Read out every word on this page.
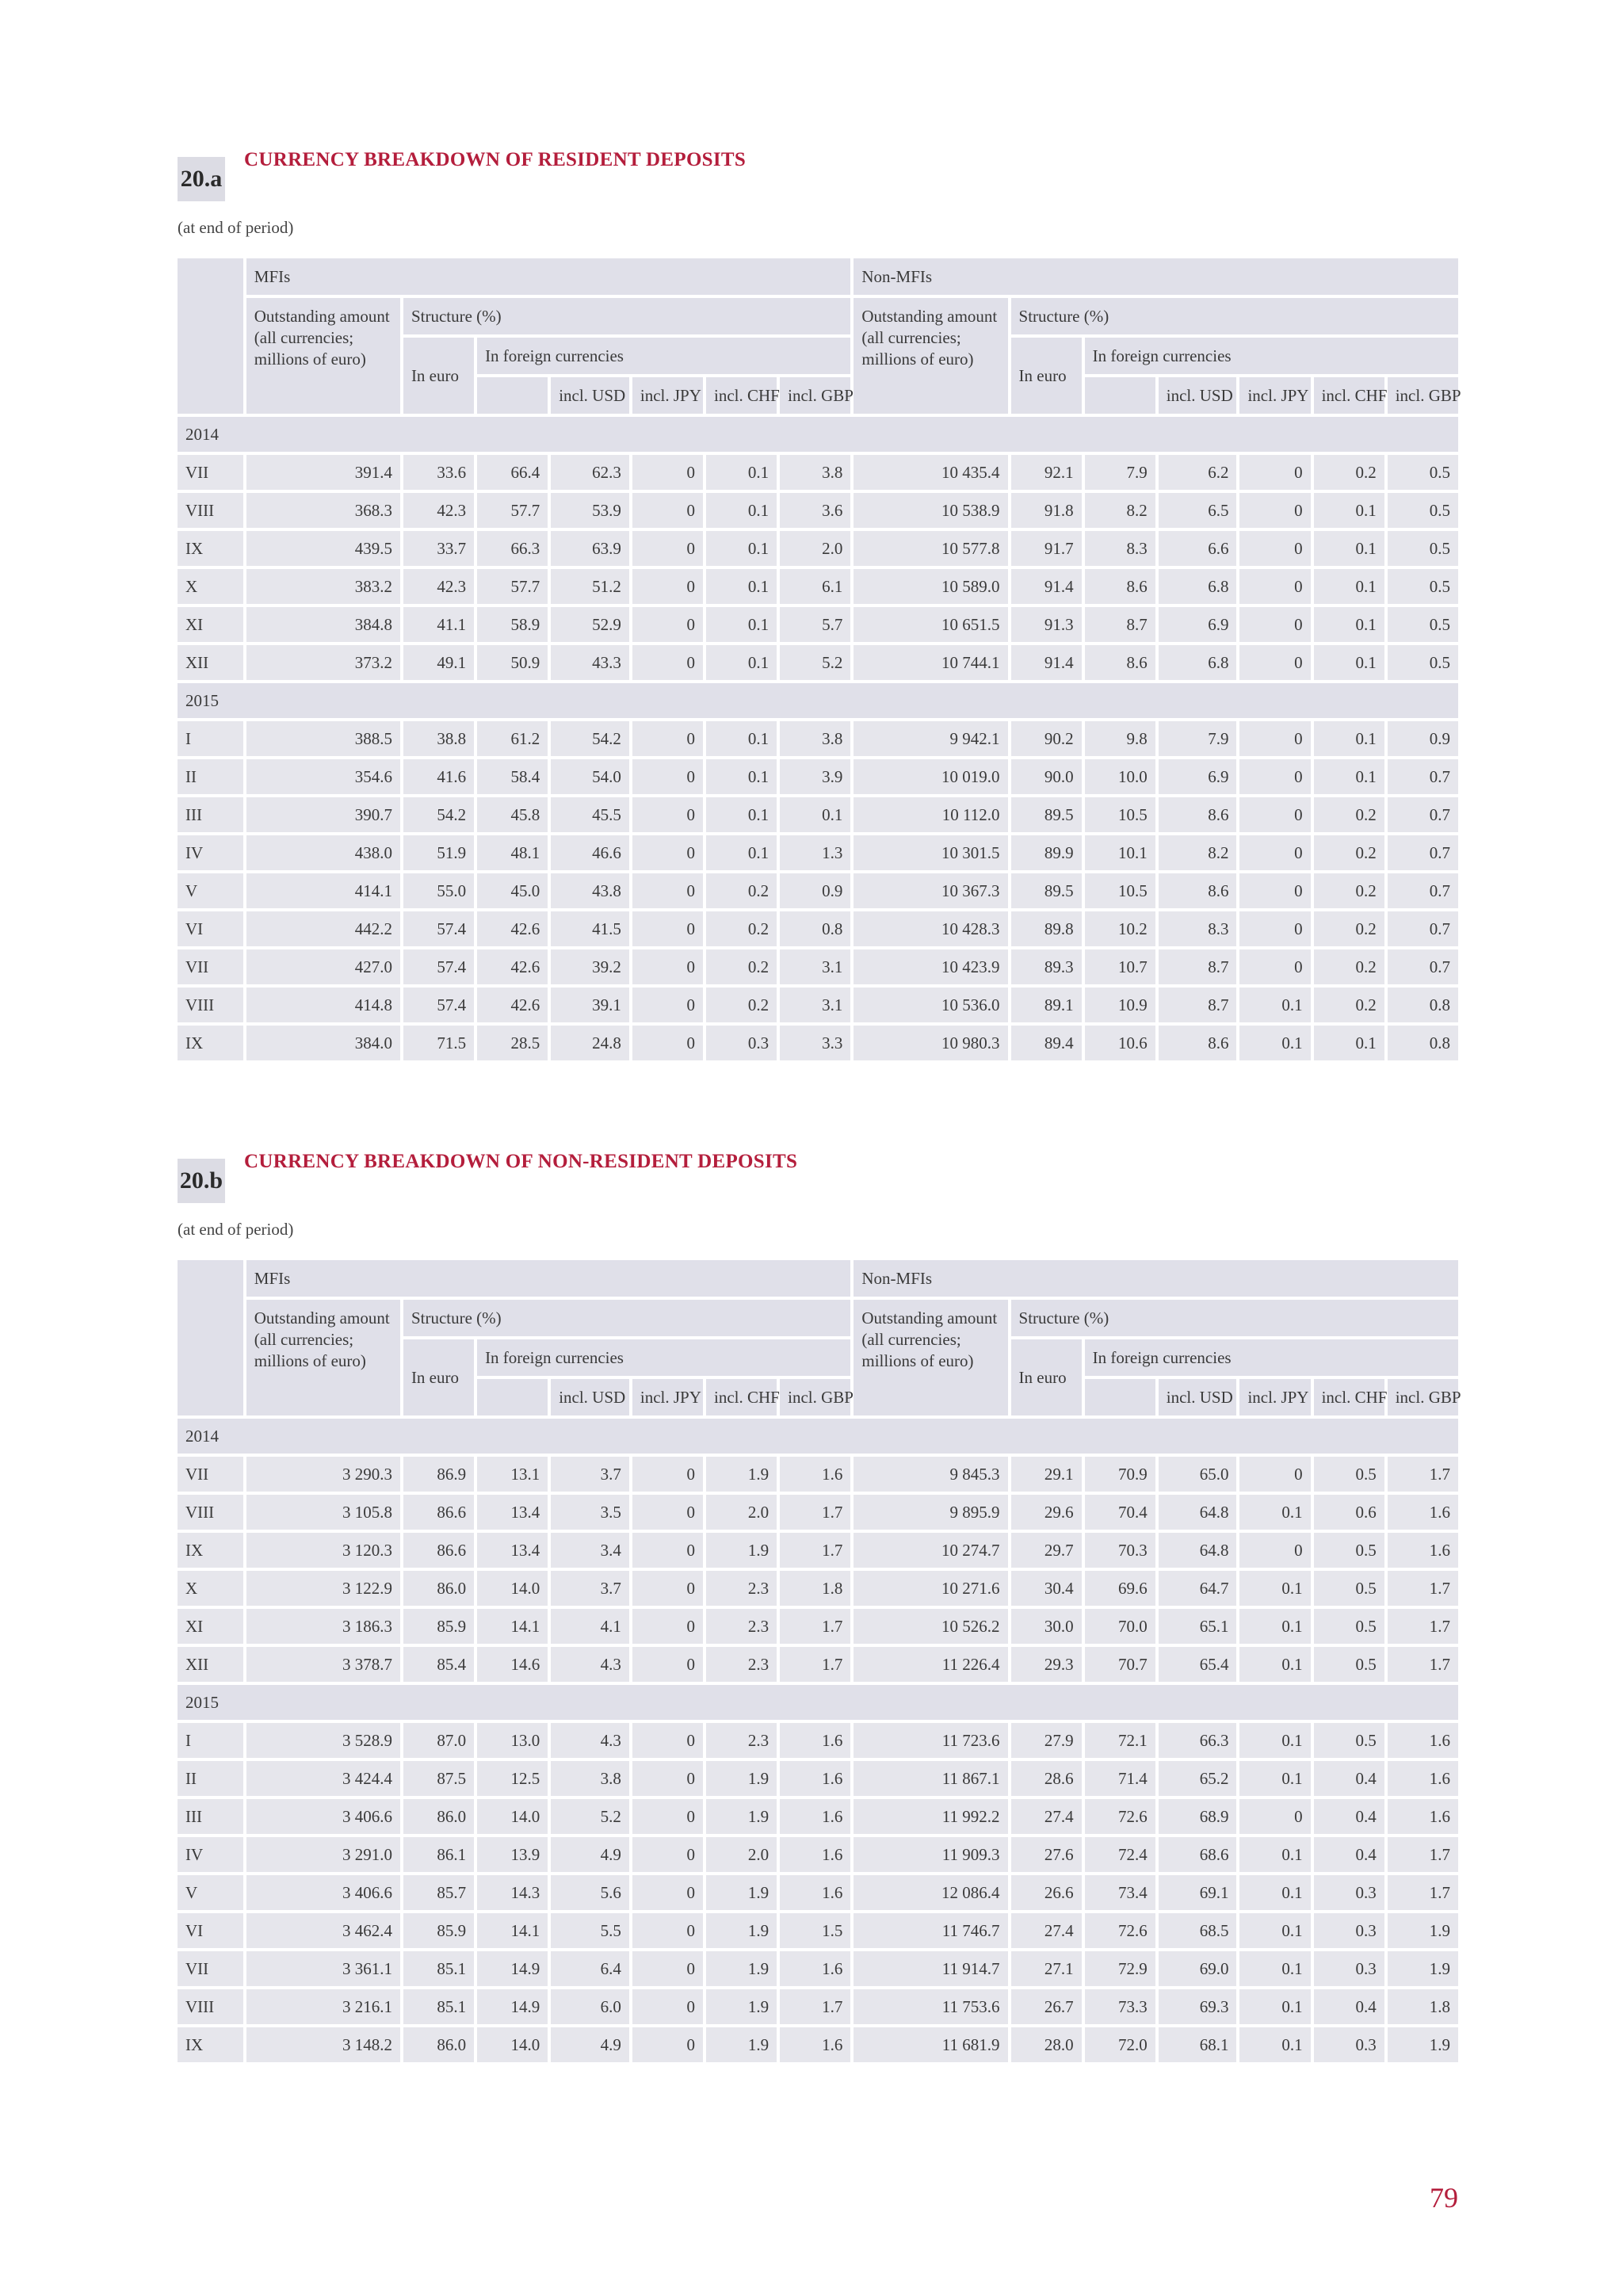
20.a
CURRENCY BREAKDOWN OF RESIDENT DEPOSITS
(at end of period)
	MFIs							Non-MFIs						
	Outstanding amount (all currencies; millions of euro)	Structure (%)						Outstanding amount (all currencies; millions of euro)	Structure (%)					
		In euro	In foreign currencies						In euro	In foreign currencies				
				incl. USD	incl. JPY	incl. CHF	incl. GBP				incl. USD	incl. JPY	incl. CHF	incl. GBP
2014														
VII	391.4	33.6	66.4	62.3	0	0.1	3.8	10 435.4	92.1	7.9	6.2	0	0.2	0.5
VIII	368.3	42.3	57.7	53.9	0	0.1	3.6	10 538.9	91.8	8.2	6.5	0	0.1	0.5
IX	439.5	33.7	66.3	63.9	0	0.1	2.0	10 577.8	91.7	8.3	6.6	0	0.1	0.5
X	383.2	42.3	57.7	51.2	0	0.1	6.1	10 589.0	91.4	8.6	6.8	0	0.1	0.5
XI	384.8	41.1	58.9	52.9	0	0.1	5.7	10 651.5	91.3	8.7	6.9	0	0.1	0.5
XII	373.2	49.1	50.9	43.3	0	0.1	5.2	10 744.1	91.4	8.6	6.8	0	0.1	0.5
2015														
I	388.5	38.8	61.2	54.2	0	0.1	3.8	9 942.1	90.2	9.8	7.9	0	0.1	0.9
II	354.6	41.6	58.4	54.0	0	0.1	3.9	10 019.0	90.0	10.0	6.9	0	0.1	0.7
III	390.7	54.2	45.8	45.5	0	0.1	0.1	10 112.0	89.5	10.5	8.6	0	0.2	0.7
IV	438.0	51.9	48.1	46.6	0	0.1	1.3	10 301.5	89.9	10.1	8.2	0	0.2	0.7
V	414.1	55.0	45.0	43.8	0	0.2	0.9	10 367.3	89.5	10.5	8.6	0	0.2	0.7
VI	442.2	57.4	42.6	41.5	0	0.2	0.8	10 428.3	89.8	10.2	8.3	0	0.2	0.7
VII	427.0	57.4	42.6	39.2	0	0.2	3.1	10 423.9	89.3	10.7	8.7	0	0.2	0.7
VIII	414.8	57.4	42.6	39.1	0	0.2	3.1	10 536.0	89.1	10.9	8.7	0.1	0.2	0.8
IX	384.0	71.5	28.5	24.8	0	0.3	3.3	10 980.3	89.4	10.6	8.6	0.1	0.1	0.8
20.b
CURRENCY BREAKDOWN OF NON-RESIDENT DEPOSITS
(at end of period)
	MFIs							Non-MFIs						
	Outstanding amount (all currencies; millions of euro)	Structure (%)						Outstanding amount (all currencies; millions of euro)	Structure (%)					
		In euro	In foreign currencies						In euro	In foreign currencies				
				incl. USD	incl. JPY	incl. CHF	incl. GBP				incl. USD	incl. JPY	incl. CHF	incl. GBP
2014														
VII	3 290.3	86.9	13.1	3.7	0	1.9	1.6	9 845.3	29.1	70.9	65.0	0	0.5	1.7
VIII	3 105.8	86.6	13.4	3.5	0	2.0	1.7	9 895.9	29.6	70.4	64.8	0.1	0.6	1.6
IX	3 120.3	86.6	13.4	3.4	0	1.9	1.7	10 274.7	29.7	70.3	64.8	0	0.5	1.6
X	3 122.9	86.0	14.0	3.7	0	2.3	1.8	10 271.6	30.4	69.6	64.7	0.1	0.5	1.7
XI	3 186.3	85.9	14.1	4.1	0	2.3	1.7	10 526.2	30.0	70.0	65.1	0.1	0.5	1.7
XII	3 378.7	85.4	14.6	4.3	0	2.3	1.7	11 226.4	29.3	70.7	65.4	0.1	0.5	1.7
2015														
I	3 528.9	87.0	13.0	4.3	0	2.3	1.6	11 723.6	27.9	72.1	66.3	0.1	0.5	1.6
II	3 424.4	87.5	12.5	3.8	0	1.9	1.6	11 867.1	28.6	71.4	65.2	0.1	0.4	1.6
III	3 406.6	86.0	14.0	5.2	0	1.9	1.6	11 992.2	27.4	72.6	68.9	0	0.4	1.6
IV	3 291.0	86.1	13.9	4.9	0	2.0	1.6	11 909.3	27.6	72.4	68.6	0.1	0.4	1.7
V	3 406.6	85.7	14.3	5.6	0	1.9	1.6	12 086.4	26.6	73.4	69.1	0.1	0.3	1.7
VI	3 462.4	85.9	14.1	5.5	0	1.9	1.5	11 746.7	27.4	72.6	68.5	0.1	0.3	1.9
VII	3 361.1	85.1	14.9	6.4	0	1.9	1.6	11 914.7	27.1	72.9	69.0	0.1	0.3	1.9
VIII	3 216.1	85.1	14.9	6.0	0	1.9	1.7	11 753.6	26.7	73.3	69.3	0.1	0.4	1.8
IX	3 148.2	86.0	14.0	4.9	0	1.9	1.6	11 681.9	28.0	72.0	68.1	0.1	0.3	1.9
79
